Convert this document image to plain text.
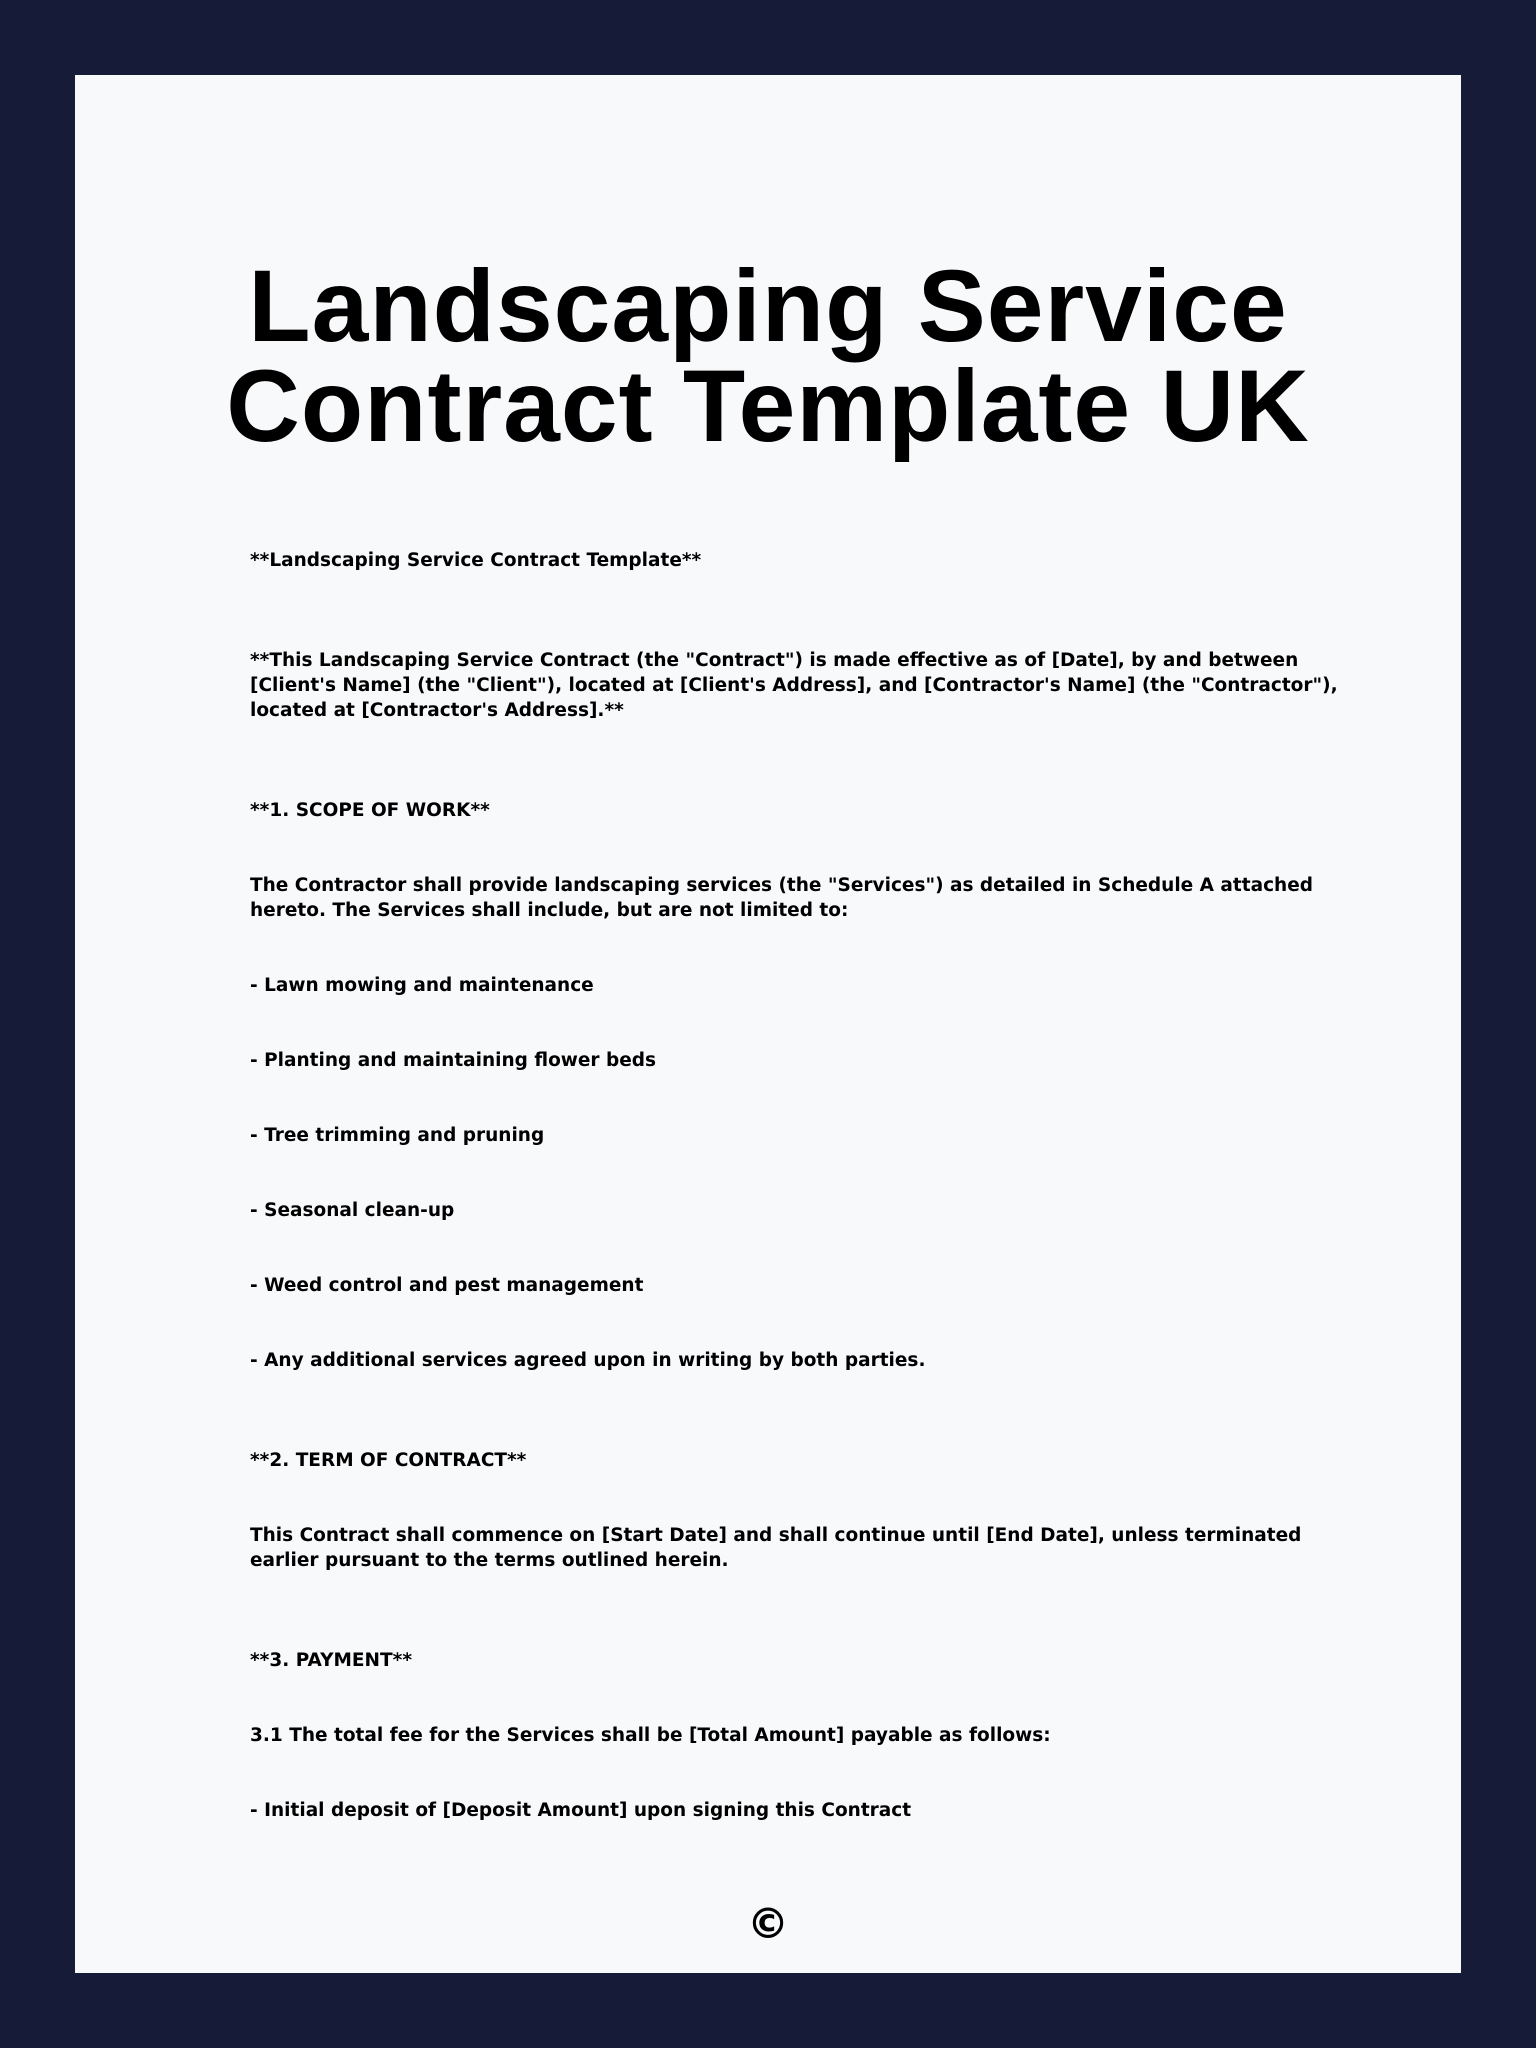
Landscaping Service Contract Template UK

**Landscaping Service Contract Template**

**This Landscaping Service Contract (the "Contract") is made effective as of [Date], by and between [Client's Name] (the "Client"), located at [Client's Address], and [Contractor's Name] (the "Contractor"), located at [Contractor's Address].**

**1. SCOPE OF WORK**

The Contractor shall provide landscaping services (the "Services") as detailed in Schedule A attached hereto. The Services shall include, but are not limited to:

- Lawn mowing and maintenance

- Planting and maintaining flower beds

- Tree trimming and pruning

- Seasonal clean-up

- Weed control and pest management

- Any additional services agreed upon in writing by both parties.

**2. TERM OF CONTRACT**

This Contract shall commence on [Start Date] and shall continue until [End Date], unless terminated earlier pursuant to the terms outlined herein.

**3. PAYMENT**

3.1 The total fee for the Services shall be [Total Amount] payable as follows:

- Initial deposit of [Deposit Amount] upon signing this Contract

©
